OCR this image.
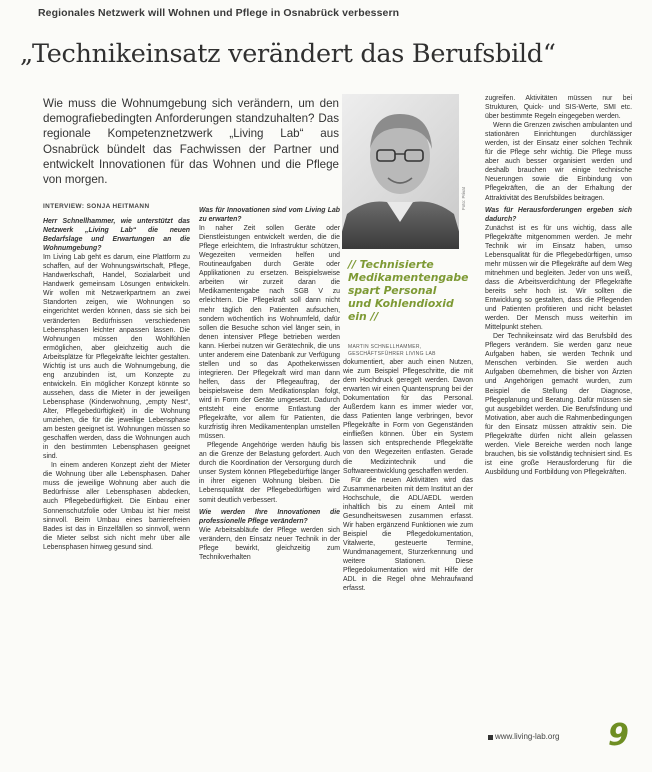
Regionales Netzwerk will Wohnen und Pflege in Osnabrück verbessern
„Technikeinsatz verändert das Berufsbild“
Wie muss die Wohnumgebung sich verändern, um den demografiebedingten Anforderungen standzuhalten? Das regionale Kompetenznetzwerk „Living Lab“ aus Osnabrück bündelt das Fachwissen der Partner und entwickelt Innovationen für das Wohnen und die Pflege von morgen.
INTERVIEW: SONJA HEITMANN

Herr Schnellhammer, wie unterstützt das Netzwerk „Living Lab“ die neuen Bedarfslage und Erwartungen an die Wohnumgebung?

Im Living Lab geht es darum, eine Plattform zu schaffen, auf der Wohnungswirtschaft, Pflege, Handwerkschaft, Handel, Sozialarbeit und Handwerk gemeinsam Lösungen entwickeln. Wir wollen mit Netzwerkpartnern an zwei Standorten zeigen, wie Wohnungen so eingerichtet werden können, dass sie sich bei veränderten Bedürfnissen verschiedenen Lebensphasen leichter anpassen lassen. Die Wohnungen müssen den Wohlfühlen ermöglichen, aber gleichzeitig auch die Arbeitsplätze für Pflegekräfte leichter gestalten. Wichtig ist uns auch die Wohnumgebung, die eng anzubinden ist, um Konzepte zu entwickeln. Ein möglicher Konzept könnte so aussehen, dass die Mieter in der jeweiligen Lebensphase (Kinderwohnung, „empty Nest“, Alter, Pflegebedürftigkeit) in die Wohnung umziehen, die für die jeweilige Lebensphase am besten geeignet ist. Wohnungen müssen so geschaffen werden, dass die Wohnungen auch in den bestimmten Lebensphasen geeignet sind.

In einem anderen Konzept zieht der Mieter die Wohnung über alle Lebensphasen. Daher muss die jeweilige Wohnung aber auch die Bedürfnisse aller Lebensphasen abdecken, auch Pflegebedürftigkeit. Die Einbau einer Sonnenschutzfolie oder Umbau ist hier meist sinnvoll. Beim Umbau eines barrierefreien Bades ist das in Einzelfällen so sinnvoll, wenn die Mieter selbst sich nicht mehr über alle Lebensphasen hinweg gesund sind.

Was für Innovationen sind vom Living Lab zu erwarten?

In naher Zeit sollen Geräte oder Dienstleistungen entwickelt werden, die die Pflege erleichtern, die Infrastruktur schützen, Wegezeiten vermeiden helfen und Routineaufgaben durch Geräte oder Applikationen zu ersetzen. Beispielsweise arbeiten wir zurzeit daran die Medikamentengabe nach SGB V zu erleichtern. Die Pflegekraft soll dann nicht mehr täglich den Patienten aufsuchen, sondern wöchentlich ins Wohnumfeld, dafür sollen die Besuche schon viel länger sein, in denen intensiver Pflege betrieben werden kann. Hierbei nutzen wir Gerätechnik, die uns unter anderem eine Datenbank zur Verfügung stellen und so das Apothekerwissen integrieren. Der Pflegekraft wird man dann helfen, dass der Pflegeauftrag, der beispielsweise dem Medikationsplan folgt, wird in Form der Geräte umgesetzt. Dadurch entsteht eine enorme Entlastung der Pflegekräfte, vor allem für Patienten, die kurzfristig ihren Medikamentenplan umstellen müssen.

Pflegende Angehörige werden häufig bis an die Grenze der Belastung gefordert. Auch durch die Koordination der Versorgung durch unser System können Pflegebedürftige länger in ihrer eigenen Wohnung bleiben. Die Lebensqualität der Pflegebedürftigen wird somit deutlich verbessert.

Wie werden Ihre Innovationen die professionelle Pflege verändern?

Wie Arbeitsabläufe der Pflege werden sich verändern, den Einsatz neuer Technik in der Pflege bewirkt, gleichzeitig zum Technikverhalten

Foto: Privat
// Technisierte Medikamentengabe spart Personal und Kohlendioxid ein //
MARTIN SCHNELLHAMMER, GESCHÄFTSFÜHRER LIVING LAB

dokumentiert, aber auch einen Nutzen, wie zum Beispiel Pflegeschritte, die mit dem Hochdruck geregelt werden. Davon erwarten wir einen Quantensprung bei der Dokumentation für das Personal. Außerdem kann es immer wieder vor, dass Patienten lange verbringen, bevor Pflegekräfte in Form von Gegenständen einfließen können. Über ein System lassen sich entsprechende Pflegekräfte von den Wegezeiten entlasten. Gerade die Medizintechnik und die Softwareentwicklung geschaffen werden.

Für die neuen Aktivitäten wird das Zusammenarbeiten mit dem Institut an der Hochschule, die ADL/AEDL werden inhaltlich bis zu einem Anteil mit Gesundheitswesen zusammen erfasst. Wir haben ergänzend Funktionen wie zum Beispiel die Pflegedokumentation, Vitalwerte, gesteuerte Termine, Wundmanagement, Sturzerkennung und weitere Stationen. Diese Pflegedokumentation wird mit Hilfe der ADL in die Regel ohne Mehraufwand erfasst.

zugreifen. Aktivitäten müssen nur bei Strukturen, Quick- und SIS-Werte, SMI etc. über bestimmte Regeln eingegeben werden.

Wenn die Grenzen zwischen ambulanten und stationären Einrichtungen durchlässiger werden, ist der Einsatz einer solchen Technik für die Pflege sehr wichtig. Die Pflege muss aber auch besser organisiert werden und deshalb brauchen wir einige technische Neuerungen sowie die Einbindung von Pflegekräften, die an der Erhaltung der Attraktivität des Berufsbildes beitragen.

Was für Herausforderungen ergeben sich dadurch?

Zunächst ist es für uns wichtig, dass alle Pflegekräfte mitgenommen werden. Je mehr Technik wir im Einsatz haben, umso Lebensqualität für die Pflegebedürftigen, umso mehr müssen wir die Pflegekräfte auf dem Weg mitnehmen und begleiten. Jeder von uns weiß, dass die Arbeitsverdichtung der Pflegekräfte bereits sehr hoch ist. Wir sollten die Entwicklung so gestalten, dass die Pflegenden und Patienten profitieren und nicht belastet werden. Der Mensch muss weiterhin im Mittelpunkt stehen.

Der Technikeinsatz wird das Berufsbild des Pflegers verändern. Sie werden ganz neue Aufgaben haben, sie werden Technik und Menschen verbinden. Sie werden auch Aufgaben übernehmen, die bisher von Ärzten und Angehörigen gemacht wurden, zum Beispiel die Stellung der Diagnose, Pflegeplanung und Beratung. Dafür müssen sie gut ausgebildet werden. Die Berufsfindung und Motivation, aber auch die Rahmenbedingungen für den Einsatz müssen attraktiv sein. Die Pflegekräfte dürfen nicht allein gelassen werden. Viele Bereiche werden noch lange brauchen, bis sie vollständig technisiert sind. Es ist eine große Herausforderung für die Ausbildung und Fortbildung von Pflegekräften.

www.living-lab.org 9
